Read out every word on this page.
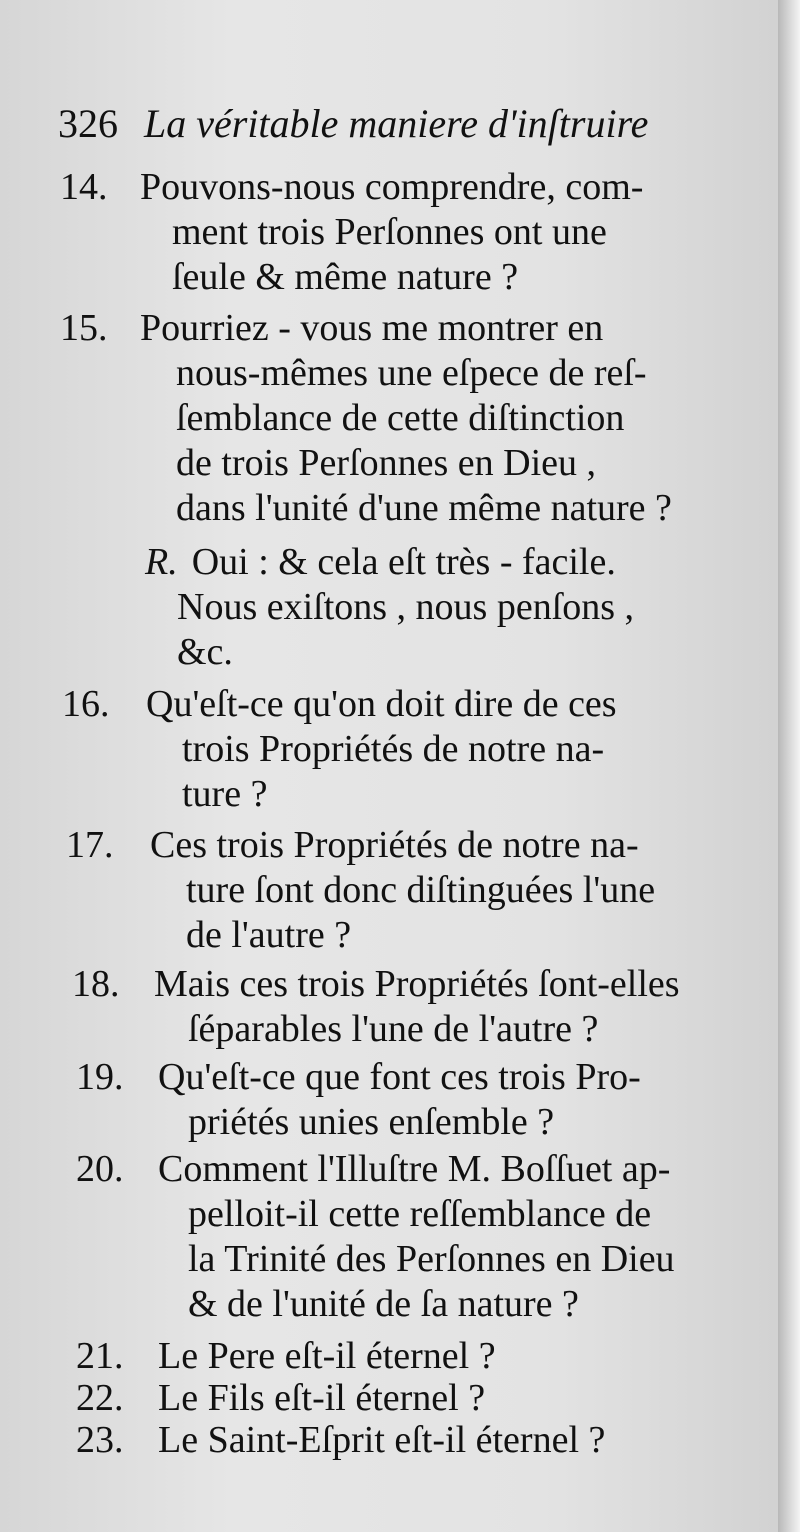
326 La véritable maniere d'inſtruire
14. Pouvons-nous comprendre, com-
ment trois Perſonnes ont une
ſeule & même nature ?
15. Pourriez - vous me montrer en
nous-mêmes une eſpece de reſ-
ſemblance de cette diſtinction
de trois Perſonnes en Dieu ,
dans l'unité d'une même nature ?
R. Oui : & cela eſt très - facile.
Nous exiſtons , nous penſons ,
&c.
16. Qu'eſt-ce qu'on doit dire de ces
trois Propriétés de notre na-
ture ?
17. Ces trois Propriétés de notre na-
ture ſont donc diſtinguées l'une
de l'autre ?
18. Mais ces trois Propriétés ſont-elles
ſéparables l'une de l'autre ?
19. Qu'eſt-ce que font ces trois Pro-
priétés unies enſemble ?
20. Comment l'Illuſtre M. Boſſuet ap-
pelloit-il cette reſſemblance de
la Trinité des Perſonnes en Dieu
& de l'unité de ſa nature ?
21. Le Pere eſt-il éternel ?
22. Le Fils eſt-il éternel ?
23. Le Saint-Eſprit eſt-il éternel ?
